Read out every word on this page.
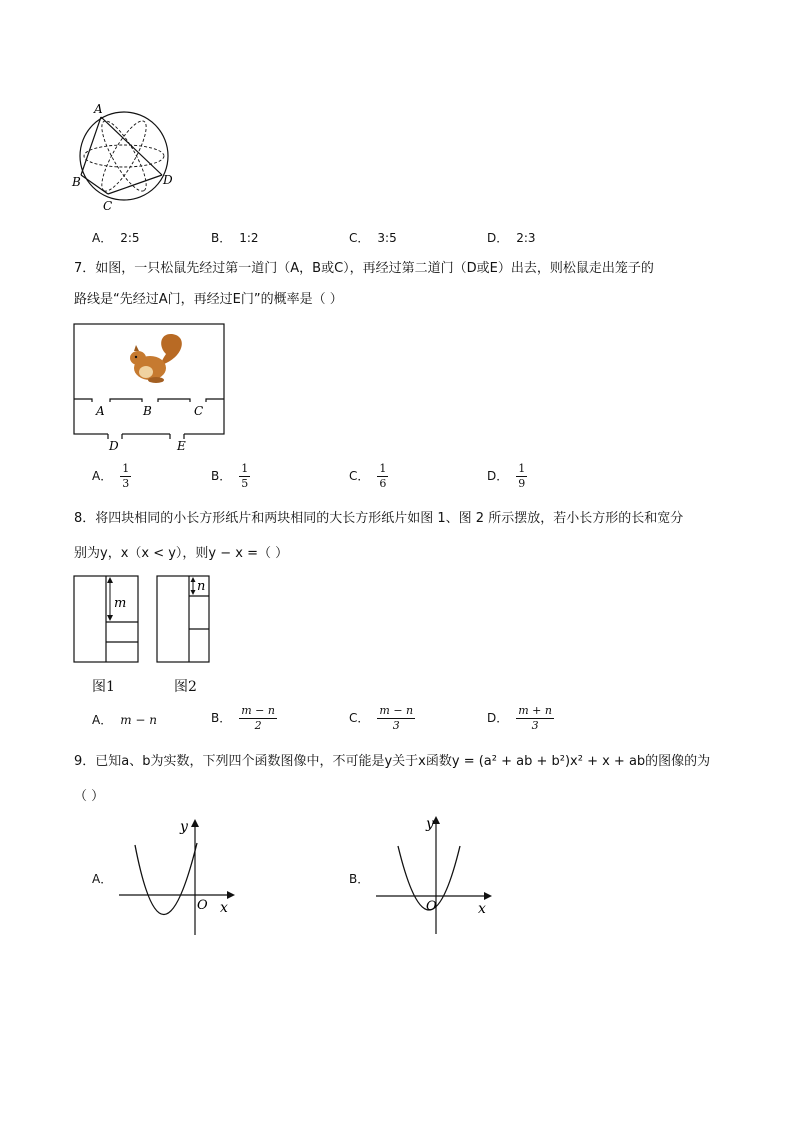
A
B
C
D
A． 2:5	B． 1:2	C． 3:5	D． 2:3
7．如图，一只松鼠先经过第一道门（A，B或C），再经过第二道门（D或E）出去，则松鼠走出笼子的
路线是“先经过A门，再经过E门”的概率是（ ）
A	B	C
D	E
A． $\frac{1}{3}$	B． $\frac{1}{5}$	C． $\frac{1}{6}$	D． $\frac{1}{9}$
8．将四块相同的小长方形纸片和两块相同的大长方形纸片如图 1、图 2 所示摆放，若小长方形的长和宽分
别为y，x（x < y），则y − x =（ ）
m
图1
n
图2
A． m − n	B． $\frac{m - n}{2}$	C． $\frac{m - n}{3}$	D． $\frac{m + n}{3}$
9．已知a、b为实数，下列四个函数图像中，不可能是y关于x函数y = (a² + ab + b²)x² + x + ab的图像的为
（ ）
A．
y
x
O
B．
y
x
O
